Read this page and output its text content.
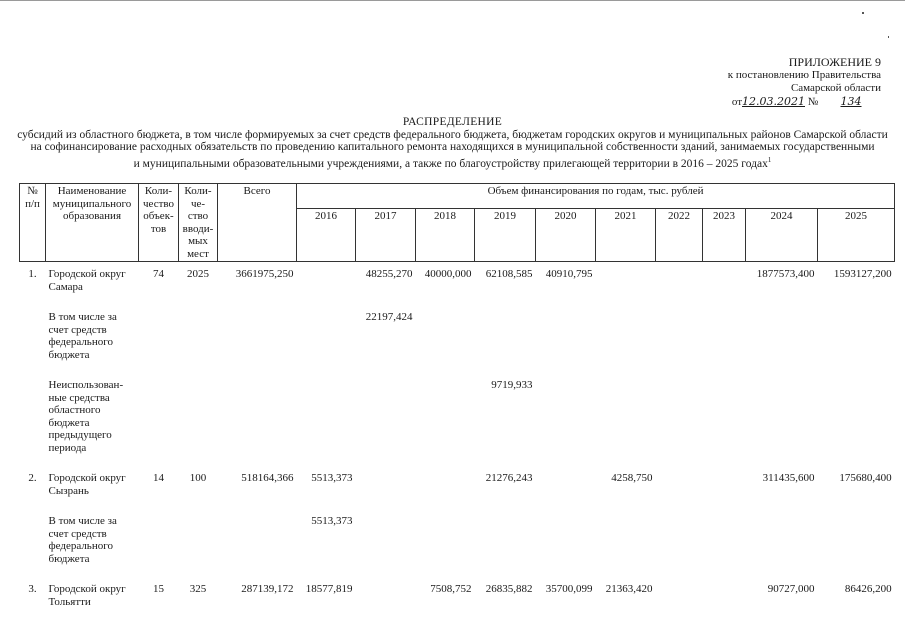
ПРИЛОЖЕНИЕ 9
к постановлению Правительства
Самарской области
от12.03.2021 № 134
РАСПРЕДЕЛЕНИЕ
субсидий из областного бюджета, в том числе формируемых за счет средств федерального бюджета, бюджетам городских округов и муниципальных районов Самарской области
на софинансирование расходных обязательств по проведению капитального ремонта находящихся в муниципальной собственности зданий, занимаемых государственными
и муниципальными образовательными учреждениями, а также по благоустройству прилегающей территории в 2016 – 2025 годах$^1$
№ п/п	Наименование муниципального образования	Коли-чество объек-тов	Коли-че-ство вводи-мых мест	Всего	Объем финансирования по годам, тыс. рублей									
					2016	2017	2018	2019	2020	2021	2022	2023	2024	2025
1.	Городской округ Самара	74	2025	3661975,250		48255,270	40000,000	62108,585	40910,795				1877573,400	1593127,200

	В том числе за счет средств федерального бюджета					22197,424								

	Неиспользован-ные средства областного бюджета предыдущего периода							9719,933						

2.	Городской округ Сызрань	14	100	518164,366	5513,373			21276,243		4258,750			311435,600	175680,400

	В том числе за счет средств федерального бюджета				5513,373									

3.	Городской округ Тольятти	15	325	287139,172	18577,819		7508,752	26835,882	35700,099	21363,420			90727,000	86426,200
